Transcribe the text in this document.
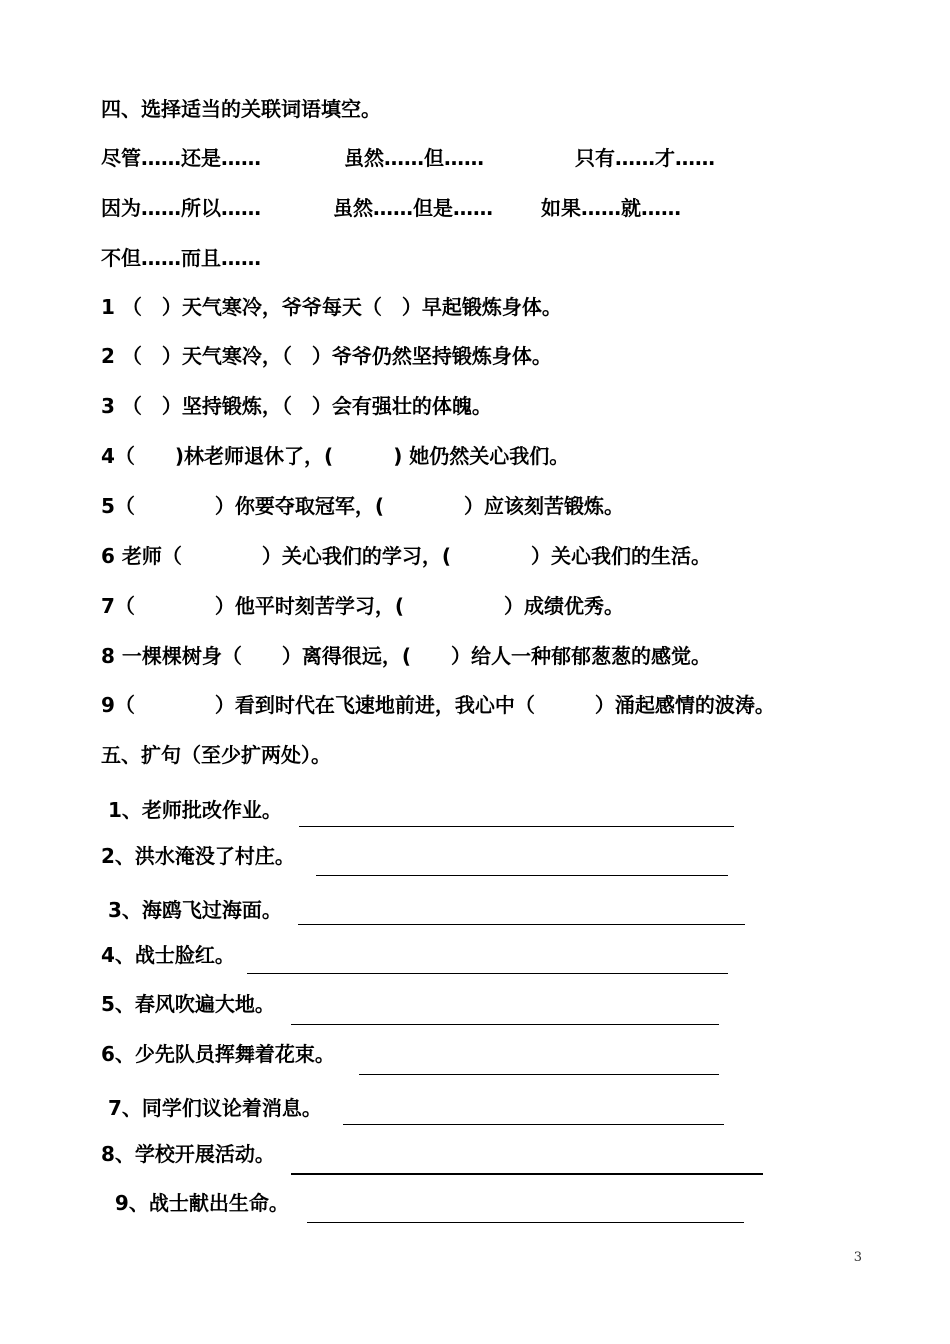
四、选择适当的关联词语填空。
尽管……还是……	虽然……但……	只有……才……
因为……所以……	虽然……但是…… 如果……就……
不但……而且……
1 （　）天气寒冷，爷爷每天（　）早起锻炼身体。
2 （　）天气寒冷，（　）爷爷仍然坚持锻炼身体。
3 （　）坚持锻炼，（　）会有强壮的体魄。
4（　　)林老师退休了，(　　　) 她仍然关心我们。
5（　　　　）你要夺取冠军，(　　　　）应该刻苦锻炼。
6 老师（　　　　）关心我们的学习，(　　　　）关心我们的生活。
7（　　　　）他平时刻苦学习，(　　　　　）成绩优秀。
8 一棵棵树身（　　）离得很远，(　　）给人一种郁郁葱葱的感觉。
9（　　　　）看到时代在飞速地前进，我心中（　　　）涌起感情的波涛。
五、扩句（至少扩两处）。
1、老师批改作业。
2、洪水淹没了村庄。
3、海鸥飞过海面。
4、战士脸红。
5、春风吹遍大地。
6、少先队员挥舞着花束。
7、同学们议论着消息。
8、学校开展活动。
9、战士献出生命。
3
